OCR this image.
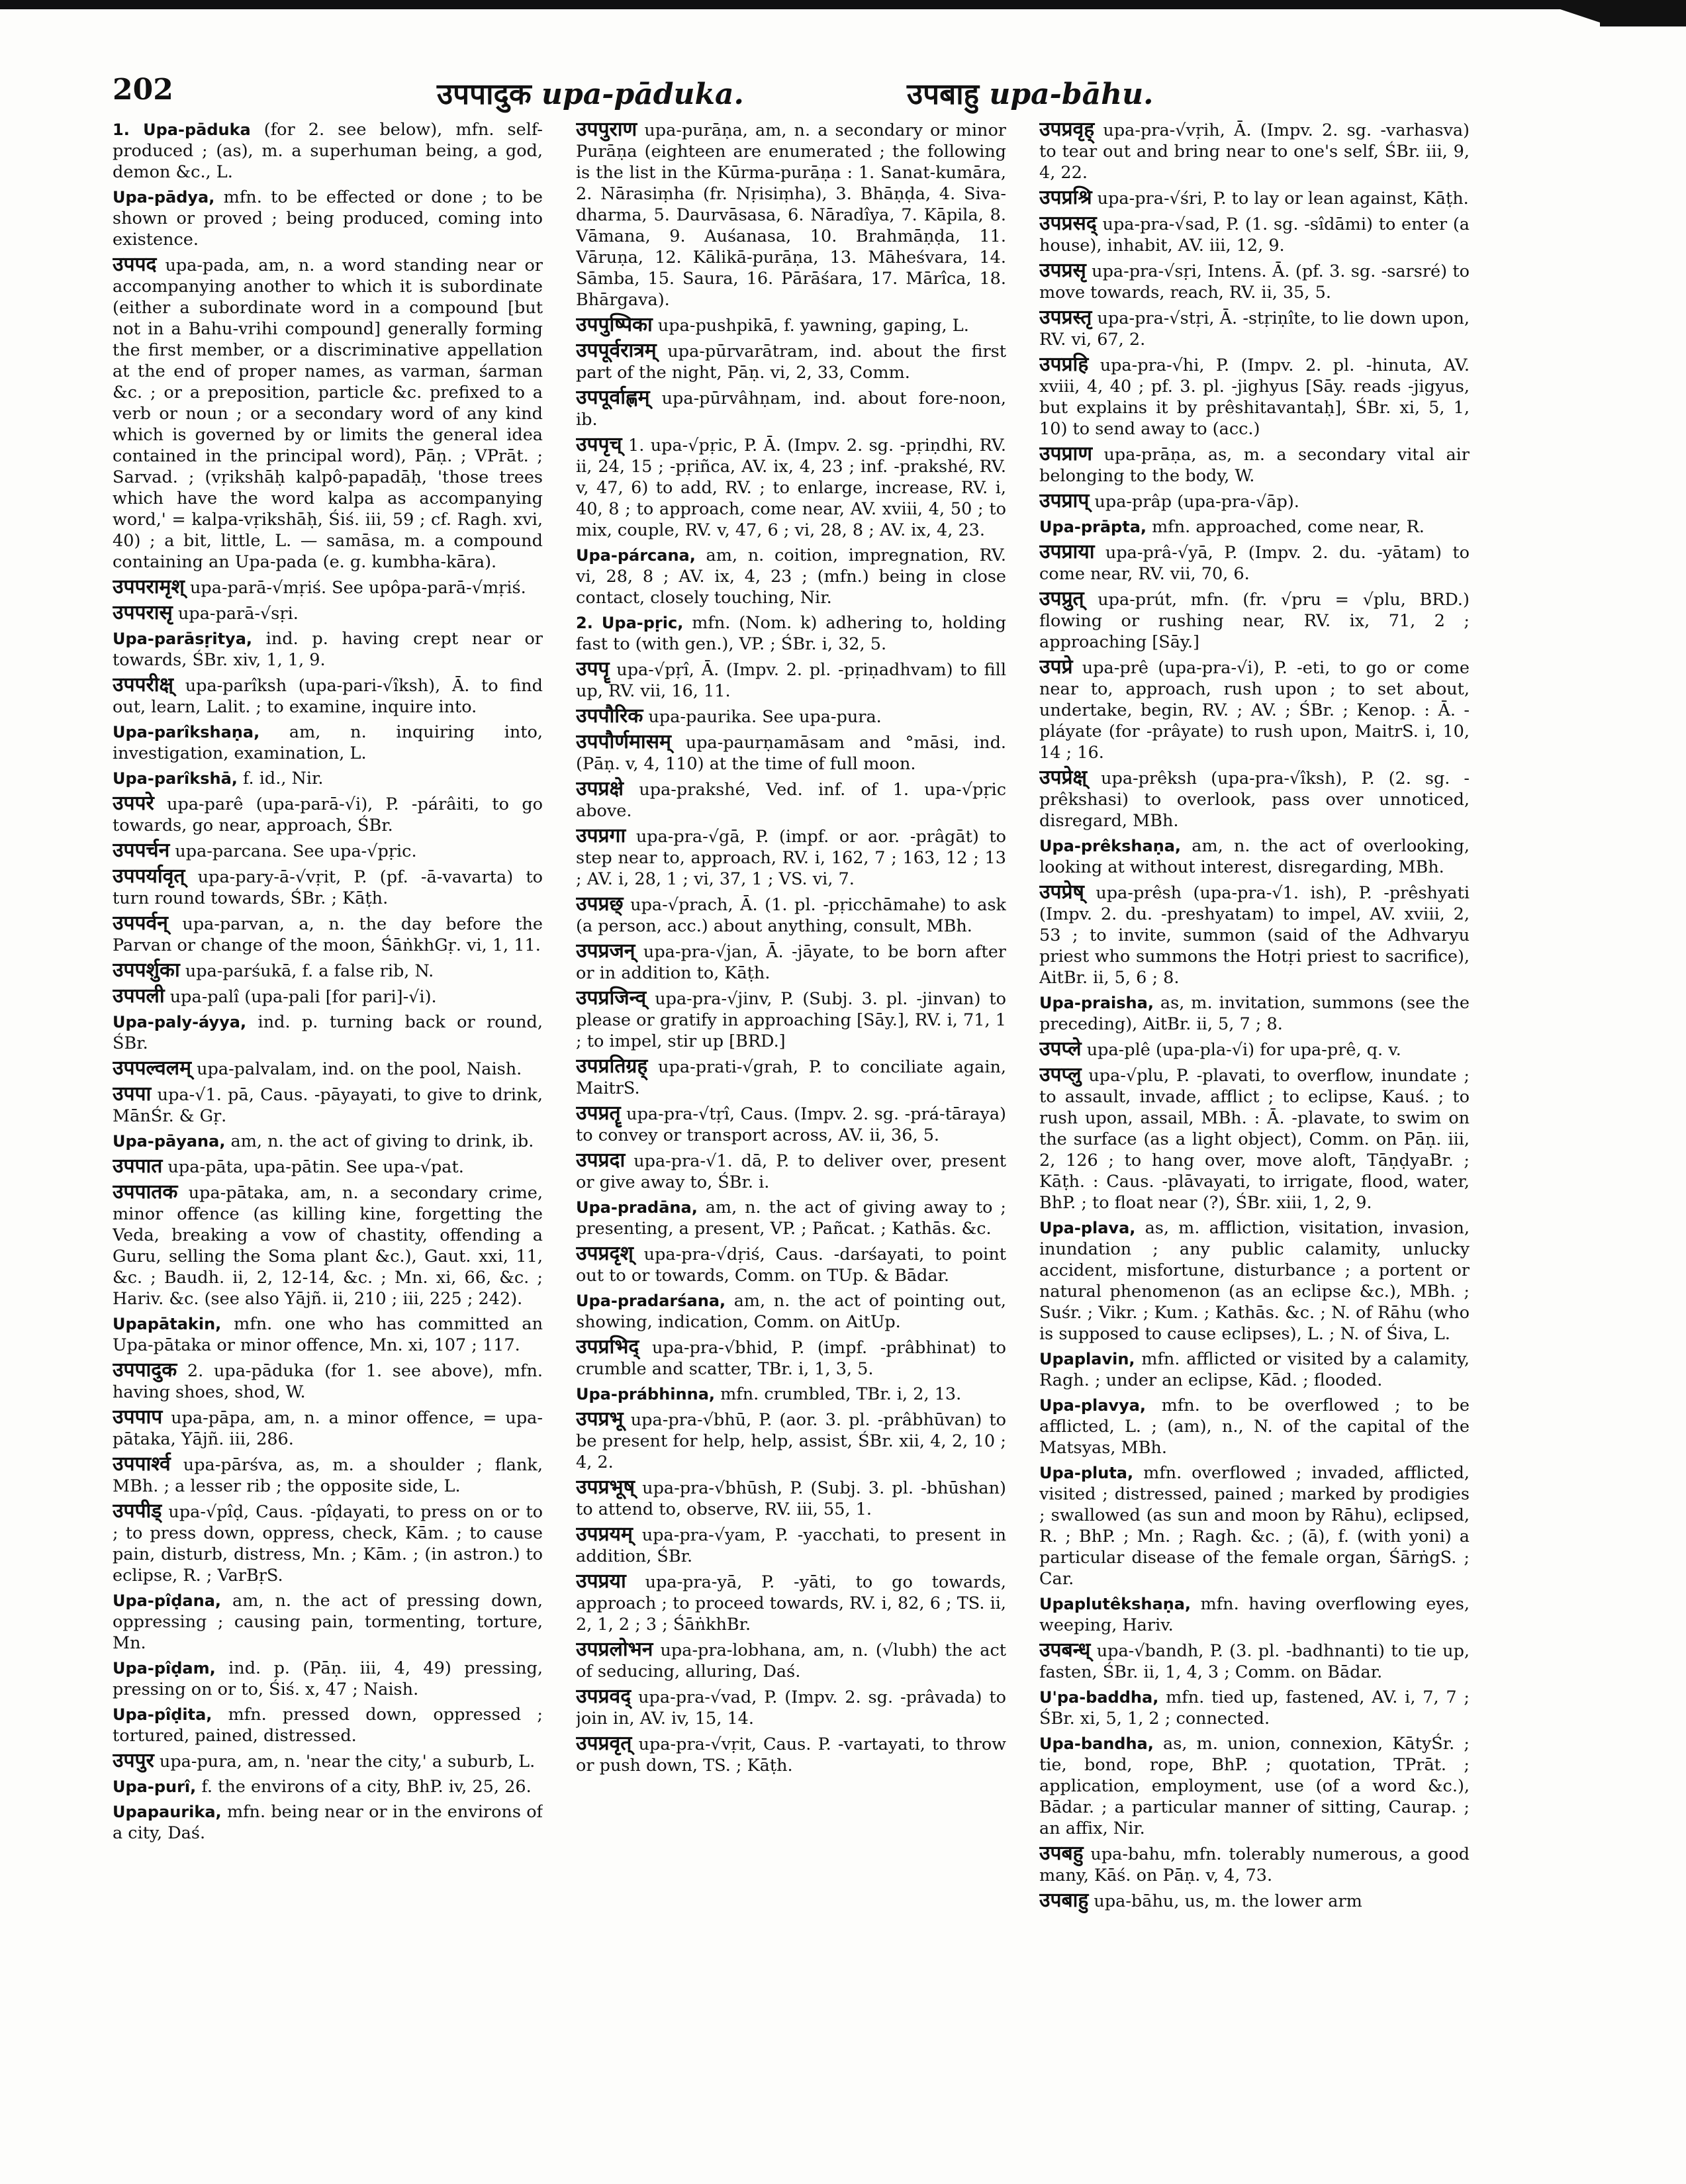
202	उपपादुक upa-pāduka.	उपबाहु upa-bāhu.

1. Upa-pāduka (for 2. see below), mfn. self-produced ; (as), m. a superhuman being, a god, demon &c., L.

Upa-pādya, mfn. to be effected or done ; to be shown or proved ; being produced, coming into existence.

उपपद upa-pada, am, n. a word standing near or accompanying another to which it is subordinate (either a subordinate word in a compound [but not in a Bahu-vrihi compound] generally forming the first member, or a discriminative appellation at the end of proper names, as varman, śarman &c. ; or a preposition, particle &c. prefixed to a verb or noun ; or a secondary word of any kind which is governed by or limits the general idea contained in the principal word), Pāṇ. ; VPrāt. ; Sarvad. ; (vṛikshāḥ kalpô-papadāḥ, 'those trees which have the word kalpa as accompanying word,' = kalpa-vṛikshāḥ, Śiś. iii, 59 ; cf. Ragh. xvi, 40) ; a bit, little, L. — samāsa, m. a compound containing an Upa-pada (e. g. kumbha-kāra).

उपपरामृश् upa-parā-√mṛiś. See upôpa-parā-√mṛiś.

उपपरासृ upa-parā-√sṛi.

Upa-parāsṛitya, ind. p. having crept near or towards, ŚBr. xiv, 1, 1, 9.

उपपरीक्ष् upa-parîksh (upa-pari-√îksh), Ā. to find out, learn, Lalit. ; to examine, inquire into.

Upa-parîkshaṇa, am, n. inquiring into, investigation, examination, L.

Upa-parîkshā, f. id., Nir.

उपपरे upa-parê (upa-parā-√i), P. -párâiti, to go towards, go near, approach, ŚBr.

उपपर्चन upa-parcana. See upa-√pṛic.

उपपर्यावृत् upa-pary-ā-√vṛit, P. (pf. -ā-vavarta) to turn round towards, ŚBr. ; Kāṭh.

उपपर्वन् upa-parvan, a, n. the day before the Parvan or change of the moon, ŚāṅkhGṛ. vi, 1, 11.

उपपर्शुका upa-parśukā, f. a false rib, N.

उपपली upa-palî (upa-pali [for pari]-√i).

Upa-paly-áyya, ind. p. turning back or round, ŚBr.

उपपल्वलम् upa-palvalam, ind. on the pool, Naish.

उपपा upa-√1. pā, Caus. -pāyayati, to give to drink, MānŚr. & Gṛ.

Upa-pāyana, am, n. the act of giving to drink, ib.

उपपात upa-pāta, upa-pātin. See upa-√pat.

उपपातक upa-pātaka, am, n. a secondary crime, minor offence (as killing kine, forgetting the Veda, breaking a vow of chastity, offending a Guru, selling the Soma plant &c.), Gaut. xxi, 11, &c. ; Baudh. ii, 2, 12-14, &c. ; Mn. xi, 66, &c. ; Hariv. &c. (see also Yājñ. ii, 210 ; iii, 225 ; 242).

Upapātakin, mfn. one who has committed an Upa-pātaka or minor offence, Mn. xi, 107 ; 117.

उपपादुक 2. upa-pāduka (for 1. see above), mfn. having shoes, shod, W.

उपपाप upa-pāpa, am, n. a minor offence, = upa-pātaka, Yājñ. iii, 286.

उपपार्श्व upa-pārśva, as, m. a shoulder ; flank, MBh. ; a lesser rib ; the opposite side, L.

उपपीड् upa-√pîḍ, Caus. -pîḍayati, to press on or to ; to press down, oppress, check, Kām. ; to cause pain, disturb, distress, Mn. ; Kām. ; (in astron.) to eclipse, R. ; VarBṛS.

Upa-pîḍana, am, n. the act of pressing down, oppressing ; causing pain, tormenting, torture, Mn.

Upa-pîḍam, ind. p. (Pāṇ. iii, 4, 49) pressing, pressing on or to, Śiś. x, 47 ; Naish.

Upa-pîḍita, mfn. pressed down, oppressed ; tortured, pained, distressed.

उपपुर upa-pura, am, n. 'near the city,' a suburb, L.

Upa-purî, f. the environs of a city, BhP. iv, 25, 26.

Upapaurika, mfn. being near or in the environs of a city, Daś.

उपपुराण upa-purāṇa, am, n. a secondary or minor Purāṇa (eighteen are enumerated ; the following is the list in the Kūrma-purāṇa : 1. Sanat-kumāra, 2. Nārasiṃha (fr. Nṛisiṃha), 3. Bhāṇḍa, 4. Siva-dharma, 5. Daurvāsasa, 6. Nāradîya, 7. Kāpila, 8. Vāmana, 9. Auśanasa, 10. Brahmāṇḍa, 11. Vāruṇa, 12. Kālikā-purāṇa, 13. Māheśvara, 14. Sāmba, 15. Saura, 16. Pārāśara, 17. Mārîca, 18. Bhārgava).

उपपुष्पिका upa-pushpikā, f. yawning, gaping, L.

उपपूर्वरात्रम् upa-pūrvarātram, ind. about the first part of the night, Pāṇ. vi, 2, 33, Comm.

उपपूर्वाह्णम् upa-pūrvâhṇam, ind. about fore-noon, ib.

उपपृच् 1. upa-√pṛic, P. Ā. (Impv. 2. sg. -pṛiṇdhi, RV. ii, 24, 15 ; -pṛiñca, AV. ix, 4, 23 ; inf. -prakshé, RV. v, 47, 6) to add, RV. ; to enlarge, increase, RV. i, 40, 8 ; to approach, come near, AV. xviii, 4, 50 ; to mix, couple, RV. v, 47, 6 ; vi, 28, 8 ; AV. ix, 4, 23.

Upa-párcana, am, n. coition, impregnation, RV. vi, 28, 8 ; AV. ix, 4, 23 ; (mfn.) being in close contact, closely touching, Nir.

2. Upa-pṛic, mfn. (Nom. k) adhering to, holding fast to (with gen.), VP. ; ŚBr. i, 32, 5.

उपपॄ upa-√pṛî, Ā. (Impv. 2. pl. -pṛiṇadhvam) to fill up, RV. vii, 16, 11.

उपपौरिक upa-paurika. See upa-pura.

उपपौर्णमासम् upa-paurṇamāsam and °māsi, ind. (Pāṇ. v, 4, 110) at the time of full moon.

उपप्रक्षे upa-prakshé, Ved. inf. of 1. upa-√pṛic above.

उपप्रगा upa-pra-√gā, P. (impf. or aor. -prâgāt) to step near to, approach, RV. i, 162, 7 ; 163, 12 ; 13 ; AV. i, 28, 1 ; vi, 37, 1 ; VS. vi, 7.

उपप्रछ् upa-√prach, Ā. (1. pl. -pṛicchāmahe) to ask (a person, acc.) about anything, consult, MBh.

उपप्रजन् upa-pra-√jan, Ā. -jāyate, to be born after or in addition to, Kāṭh.

उपप्रजिन्व् upa-pra-√jinv, P. (Subj. 3. pl. -jinvan) to please or gratify in approaching [Sāy.], RV. i, 71, 1 ; to impel, stir up [BRD.]

उपप्रतिग्रह् upa-prati-√grah, P. to conciliate again, MaitrS.

उपप्रतॄ upa-pra-√tṛî, Caus. (Impv. 2. sg. -prá-tāraya) to convey or transport across, AV. ii, 36, 5.

उपप्रदा upa-pra-√1. dā, P. to deliver over, present or give away to, ŚBr. i.

Upa-pradāna, am, n. the act of giving away to ; presenting, a present, VP. ; Pañcat. ; Kathās. &c.

उपप्रदृश् upa-pra-√dṛiś, Caus. -darśayati, to point out to or towards, Comm. on TUp. & Bādar.

Upa-pradarśana, am, n. the act of pointing out, showing, indication, Comm. on AitUp.

उपप्रभिद् upa-pra-√bhid, P. (impf. -prâbhinat) to crumble and scatter, TBr. i, 1, 3, 5.

Upa-prábhinna, mfn. crumbled, TBr. i, 2, 13.

उपप्रभू upa-pra-√bhū, P. (aor. 3. pl. -prâbhūvan) to be present for help, help, assist, ŚBr. xii, 4, 2, 10 ; 4, 2.

उपप्रभूष् upa-pra-√bhūsh, P. (Subj. 3. pl. -bhūshan) to attend to, observe, RV. iii, 55, 1.

उपप्रयम् upa-pra-√yam, P. -yacchati, to present in addition, ŚBr.

उपप्रया upa-pra-yā, P. -yāti, to go towards, approach ; to proceed towards, RV. i, 82, 6 ; TS. ii, 2, 1, 2 ; 3 ; ŚāṅkhBr.

उपप्रलोभन upa-pra-lobhana, am, n. (√lubh) the act of seducing, alluring, Daś.

उपप्रवद् upa-pra-√vad, P. (Impv. 2. sg. -prâvada) to join in, AV. iv, 15, 14.

उपप्रवृत् upa-pra-√vṛit, Caus. P. -vartayati, to throw or push down, TS. ; Kāṭh.

उपप्रवृह् upa-pra-√vṛih, Ā. (Impv. 2. sg. -varhasva) to tear out and bring near to one's self, ŚBr. iii, 9, 4, 22.

उपप्रश्रि upa-pra-√śri, P. to lay or lean against, Kāṭh.

उपप्रसद् upa-pra-√sad, P. (1. sg. -sîdāmi) to enter (a house), inhabit, AV. iii, 12, 9.

उपप्रसृ upa-pra-√sṛi, Intens. Ā. (pf. 3. sg. -sarsré) to move towards, reach, RV. ii, 35, 5.

उपप्रस्तृ upa-pra-√stṛi, Ā. -stṛiṇîte, to lie down upon, RV. vi, 67, 2.

उपप्रहि upa-pra-√hi, P. (Impv. 2. pl. -hinuta, AV. xviii, 4, 40 ; pf. 3. pl. -jighyus [Sāy. reads -jigyus, but explains it by prêshitavantaḥ], ŚBr. xi, 5, 1, 10) to send away to (acc.)

उपप्राण upa-prāṇa, as, m. a secondary vital air belonging to the body, W.

उपप्राप् upa-prâp (upa-pra-√āp).

Upa-prāpta, mfn. approached, come near, R.

उपप्राया upa-prâ-√yā, P. (Impv. 2. du. -yātam) to come near, RV. vii, 70, 6.

उपप्रुत् upa-prút, mfn. (fr. √pru = √plu, BRD.) flowing or rushing near, RV. ix, 71, 2 ; approaching [Sāy.]

उपप्रे upa-prê (upa-pra-√i), P. -eti, to go or come near to, approach, rush upon ; to set about, undertake, begin, RV. ; AV. ; ŚBr. ; Kenop. : Ā. -pláyate (for -prâyate) to rush upon, MaitrS. i, 10, 14 ; 16.

उपप्रेक्ष् upa-prêksh (upa-pra-√îksh), P. (2. sg. -prêkshasi) to overlook, pass over unnoticed, disregard, MBh.

Upa-prêkshaṇa, am, n. the act of overlooking, looking at without interest, disregarding, MBh.

उपप्रेष् upa-prêsh (upa-pra-√1. ish), P. -prêshyati (Impv. 2. du. -preshyatam) to impel, AV. xviii, 2, 53 ; to invite, summon (said of the Adhvaryu priest who summons the Hotṛi priest to sacrifice), AitBr. ii, 5, 6 ; 8.

Upa-praisha, as, m. invitation, summons (see the preceding), AitBr. ii, 5, 7 ; 8.

उपप्ले upa-plê (upa-pla-√i) for upa-prê, q. v.

उपप्लु upa-√plu, P. -plavati, to overflow, inundate ; to assault, invade, afflict ; to eclipse, Kauś. ; to rush upon, assail, MBh. : Ā. -plavate, to swim on the surface (as a light object), Comm. on Pāṇ. iii, 2, 126 ; to hang over, move aloft, TāṇḍyaBr. ; Kāṭh. : Caus. -plāvayati, to irrigate, flood, water, BhP. ; to float near (?), ŚBr. xiii, 1, 2, 9.

Upa-plava, as, m. affliction, visitation, invasion, inundation ; any public calamity, unlucky accident, misfortune, disturbance ; a portent or natural phenomenon (as an eclipse &c.), MBh. ; Suśr. ; Vikr. ; Kum. ; Kathās. &c. ; N. of Rāhu (who is supposed to cause eclipses), L. ; N. of Śiva, L.

Upaplavin, mfn. afflicted or visited by a calamity, Ragh. ; under an eclipse, Kād. ; flooded.

Upa-plavya, mfn. to be overflowed ; to be afflicted, L. ; (am), n., N. of the capital of the Matsyas, MBh.

Upa-pluta, mfn. overflowed ; invaded, afflicted, visited ; distressed, pained ; marked by prodigies ; swallowed (as sun and moon by Rāhu), eclipsed, R. ; BhP. ; Mn. ; Ragh. &c. ; (ā), f. (with yoni) a particular disease of the female organ, ŚārṅgS. ; Car.

Upaplutêkshaṇa, mfn. having overflowing eyes, weeping, Hariv.

उपबन्ध् upa-√bandh, P. (3. pl. -badhnanti) to tie up, fasten, ŚBr. ii, 1, 4, 3 ; Comm. on Bādar.

U'pa-baddha, mfn. tied up, fastened, AV. i, 7, 7 ; ŚBr. xi, 5, 1, 2 ; connected.

Upa-bandha, as, m. union, connexion, KātyŚr. ; tie, bond, rope, BhP. ; quotation, TPrāt. ; application, employment, use (of a word &c.), Bādar. ; a particular manner of sitting, Caurap. ; an affix, Nir.

उपबहु upa-bahu, mfn. tolerably numerous, a good many, Kāś. on Pāṇ. v, 4, 73.

उपबाहु upa-bāhu, us, m. the lower arm
